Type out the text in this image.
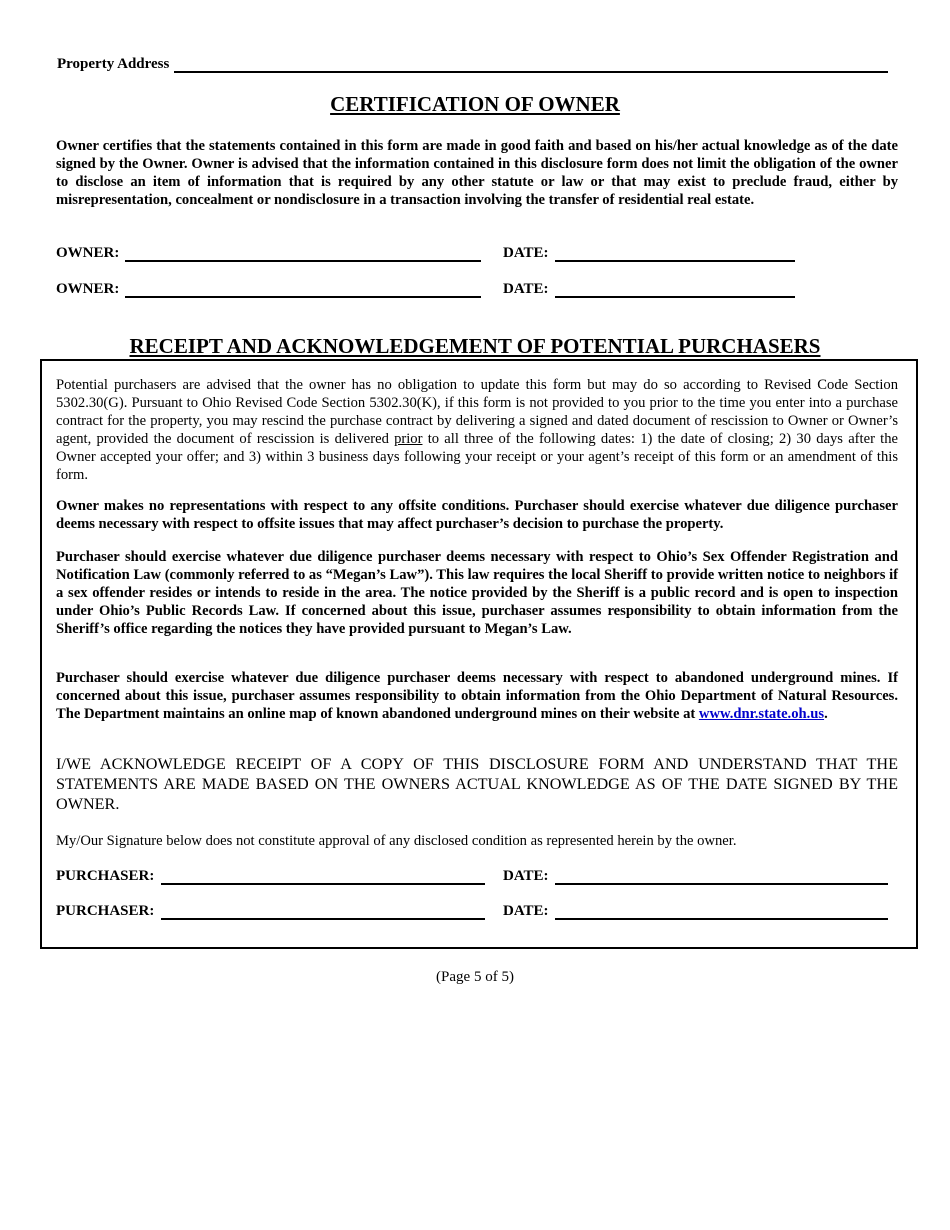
Property Address
CERTIFICATION OF OWNER

Owner certifies that the statements contained in this form are made in good faith and based on his/her actual knowledge as of the date signed by the Owner. Owner is advised that the information contained in this disclosure form does not limit the obligation of the owner to disclose an item of information that is required by any other statute or law or that may exist to preclude fraud, either by misrepresentation, concealment or nondisclosure in a transaction involving the transfer of residential real estate.

OWNER:	DATE:
OWNER:	DATE:
RECEIPT AND ACKNOWLEDGEMENT OF POTENTIAL PURCHASERS

Potential purchasers are advised that the owner has no obligation to update this form but may do so according to Revised Code Section 5302.30(G). Pursuant to Ohio Revised Code Section 5302.30(K), if this form is not provided to you prior to the time you enter into a purchase contract for the property, you may rescind the purchase contract by delivering a signed and dated document of rescission to Owner or Owner’s agent, provided the document of rescission is delivered prior to all three of the following dates: 1) the date of closing; 2) 30 days after the Owner accepted your offer; and 3) within 3 business days following your receipt or your agent’s receipt of this form or an amendment of this form.

Owner makes no representations with respect to any offsite conditions. Purchaser should exercise whatever due diligence purchaser deems necessary with respect to offsite issues that may affect purchaser’s decision to purchase the property.

Purchaser should exercise whatever due diligence purchaser deems necessary with respect to Ohio’s Sex Offender Registration and Notification Law (commonly referred to as “Megan’s Law”). This law requires the local Sheriff to provide written notice to neighbors if a sex offender resides or intends to reside in the area. The notice provided by the Sheriff is a public record and is open to inspection under Ohio’s Public Records Law. If concerned about this issue, purchaser assumes responsibility to obtain information from the Sheriff’s office regarding the notices they have provided pursuant to Megan’s Law.

Purchaser should exercise whatever due diligence purchaser deems necessary with respect to abandoned underground mines. If concerned about this issue, purchaser assumes responsibility to obtain information from the Ohio Department of Natural Resources. The Department maintains an online map of known abandoned underground mines on their website at www.dnr.state.oh.us.

I/WE ACKNOWLEDGE RECEIPT OF A COPY OF THIS DISCLOSURE FORM AND UNDERSTAND THAT THE STATEMENTS ARE MADE BASED ON THE OWNERS ACTUAL KNOWLEDGE AS OF THE DATE SIGNED BY THE OWNER.

My/Our Signature below does not constitute approval of any disclosed condition as represented herein by the owner.

PURCHASER:	DATE:
PURCHASER:	DATE:
(Page 5 of 5)
